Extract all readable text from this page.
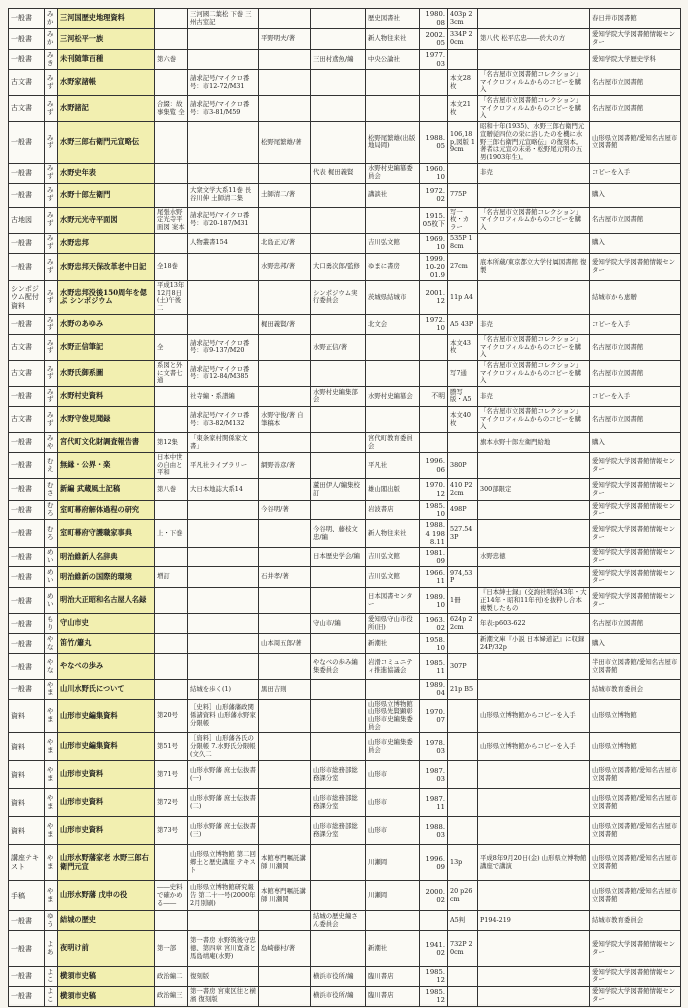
一般書	みか	三河国歴史地理資料		三河國二葉松 下巻 三州古室記			歴史図書社	1980.08	403p 23cm		春日井市図書館
一般書	みか	三河松平一族			平野明夫/著		新人物往来社	2002.05	334P 20cm	第八代 松平広忠――於大の方	愛知学院大学図書館情報センター
一般書	みき	未刊随筆百種	第六巻			三田村鳶魚/編	中央公論社	1977.03			愛知学院大学歴史学科
古文書	みず	水野家諸帳		請求記号/マイクロ番号：市12-72/M31					本文28枚	「名古屋市立図書館コレクション」マイクロフィルムからのコピーを購入	名古屋市立図書館
古文書	みず	水野諸記	合綴：故事集覧 全	請求記号/マイクロ番号：市3-81/M59					本文21枚	「名古屋市立図書館コレクション」マイクロフィルムからのコピーを購入	名古屋市立図書館
一般書	みず	水野三郎右衛門元宣略伝			松野尾繁雄/著		松野尾繁雄(出版地局岡)	1988.05	106,18p,図版 19cm	昭和十年(1935)、水野三郎右衛門元宣贈従四位の栄に浴したのを機に水野三郎右衛門元宣略伝」の復刻本。著者は元宣の末弟・松野尾元明の五男(1903年生)。	山形県立図書館/愛知名古屋市立図書館
一般書	みず	水野史年表				代表 梶田義賢	水野村史編纂委員会	1960.10		非売	コピーを入手
一般書	みず	水野十郎左衛門		大衆文学大系11巻 長谷川伸 土師清二集	土師清二/著		講談社	1972.02	775P		購入
古地図	みず	水野元光寺平面図	尾張水野定光寺平面図 案本	請求記号/マイクロ番号：市20-187/M31				1915.05枚下	写一枚・カラー	「名古屋市立図書館コレクション」マイクロフィルムからのコピーを購入	名古屋市立図書館
一般書	みず	水野忠邦		人物叢書154	北島正元/著		吉川弘文館	1969.10	535P 18cm		購入
一般書	みず	水野忠邦天保改革老中日記	全18巻		水野忠邦/著	大口勇次郎/監修	ゆまに書房	1999.10-2001.9	27cm	底本所蔵/東京都立大学付属図書館 復製	愛知学院大学図書館情報センター
シンポジウム配付資料	みず	水野忠邦没後150周年を偲ぶ シンポジウム	平成13年12月8日(土)午後二			シンポジウム実行委員会	茨城県結城市	2001.12	11p A4		結城市から恵贈
一般書	みず	水野のあゆみ			梶田義賢/著		北文会	1972.10	A5 43P	非売	コピーを入手
古文書	みず	水野正信筆記	全	請求記号/マイクロ番号：市9-137/M20		水野正信/著			本文43枚	「名古屋市立図書館コレクション」マイクロフィルムからのコピーを購入	名古屋市立図書館
古文書	みず	水野氏御系圖	系図と外に文書七通	請求記号/マイクロ番号：市12-84/M385					写7通	「名古屋市立図書館コレクション」マイクロフィルムからのコピーを購入	名古屋市立図書館
一般書	みず	水野村史資料		社寺編・系譜編		水野村史編集部会	水野村史編纂会	不明	謄写版・A5	非売	コピーを入手
古文書	みず	水野守俊見聞録		請求記号/マイクロ番号：市3-82/M132	水野守俊/著 自筆稿本				本文40枚	「名古屋市立図書館コレクション」マイクロフィルムからのコピーを購入	名古屋市立図書館
一般書	みや	宮代町文化財調査報告書	第12集	「東条家村関係家文書」			宮代町教育委員会			旗本水野十郎左衛門給地	購入
一般書	むえ	無縁・公界・楽	日本中世の自由と平和	平凡社ライブラリー	網野善彦/著		平凡社	1996.06	380P		愛知学院大学図書館情報センター
一般書	むさ	新編 武蔵風土記稿	第八巻	大日本地誌大系14		蘆田伊人/編集校訂	雄山閣出版	1970.12	410 P22cm	300部限定	愛知学院大学図書館情報センター
一般書	むろ	室町幕府解体過程の研究			今谷明/著		岩波書店	1985.10	498P		愛知学院大学図書館情報センター
一般書	むろ	室町幕府守護職家事典	上・下巻			今谷明、藤枝文忠/編	新人物往来社	1988.4 1988.11	527.54 3P		愛知学院大学図書館情報センター
一般書	めい	明治維新人名辞典				日本歴史学会/編	吉川弘文館	1981.09		水野忠徳	愛知学院大学図書館情報センター
一般書	めい	明治維新の国際的環境	増訂		石井孝/著		吉川弘文館	1966.11	974,53 P		愛知学院大学図書館情報センター
一般書	めい	明治大正昭和名古屋人名録					日本図書センター	1989.10	1冊	『日本紳士録』(交詢社明治43年・大正14年・昭和11年刊)を抜粋し合本複製したもの	愛知学院大学図書館情報センター
一般書	もり	守山市史				守山市/編	愛知県守山市役所(旧)	1963.02	624p 22cm	年表:p603-622	名古屋市立図書館
一般書	やな	笛竹/簫丸			山本周五郎/著		新潮社	1958.10		新潮文庫『小説 日本婦道記』に収録24P/32p	購入
一般書	やな	やなべの歩み				やなべの歩み編集委員会	岩滑コミュニティ推進協議会	1985.11	307P		半田市立図書館/愛知名古屋市立図書館
一般書	やま	山川水野氏について		結城を歩く(1)	黒田吉則			1989.04	21p B5		結城市教育委員会
資料	やま	山形市史編集資料	第20号	［史料］山形藩藩政関係諸資料 山形藩水野家分限帳			山形県立博物館 山形県先賢顕彰 山形市史編集委員会	1970.07		山形県立博物館からコピーを入手	山形県立博物館
資料	やま	山形市史編集資料	第51号	［資料］山形藩各氏の分限帳 7.水野氏分限帳(文久二			山形市史編集委員会	1978.03		山形県立博物館からコピーを入手	山形県立博物館
資料	やま	山形市史資料	第71号	山形水野藩 庶士伝抜書(一)		山形市総務部総務課分室	山形市	1987.03			山形県立図書館/愛知名古屋市立図書館
資料	やま	山形市史資料	第72号	山形水野藩 庶士伝抜書(二)		山形市総務部総務課分室	山形市	1987.11			山形県立図書館/愛知名古屋市立図書館
資料	やま	山形市史資料	第73号	山形水野藩 庶士伝抜書(三)		山形市総務部総務課分室	山形市	1988.03			山形県立図書館/愛知名古屋市立図書館
講座テキスト	やま	山形水野藩家老 水野三郎右衛門元宣		山形県立博物館 第二回 郷土と歴史講座 テキスト	本館専門嘱託講師 川瀬岡		川瀬岡	1996.09	13p	平成8年9月20日(金) 山形県立博物館 講座で講演	山形県立図書館/愛知名古屋市立図書館
手稿	やま	山形水野藩 戊申の役	――史料で確かめる――	山形県立博物館研究報告 第二十一号(2000年2月別刷)	本館専門嘱託講師 川瀬岡		川瀬岡	2000.02	20 p26cm		山形県立図書館/愛知名古屋市立図書館
一般書	ゆう	結城の歴史				結城の歴史編さん委員会			A5判	P194-219	結城市教育委員会
一般書	よあ	夜明け前	第一部	第一書房 水野筑後守忠徳、第四章 宮川寛斎と馬島靖庵(水野)	島崎藤村/著		新潮社	1941.02	732P 20cm		愛知学院大学図書館情報センター
一般書	よこ	横須市史稿	政治編二	復刻版		横浜市役所/編	臨川書店	1985.12			愛知学院大学図書館情報センター
一般書	よこ	横須市史稿	政治編三	第一書房 宮東区往と横濱 復刻版		横浜市役所/編	臨川書店	1985.12			愛知学院大学図書館情報センター
